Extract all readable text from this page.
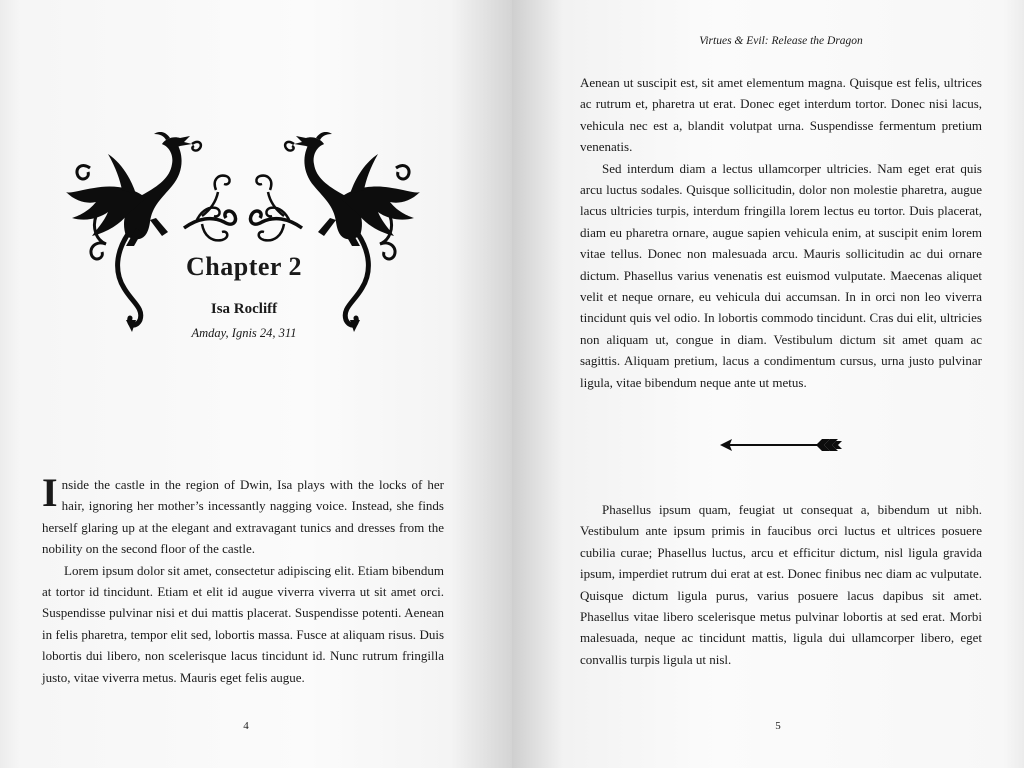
Chapter 2
Isa Rocliff
Amday, Ignis 24, 311

Inside the castle in the region of Dwin, Isa plays with the locks of her hair, ignoring her mother’s incessantly nagging voice. Instead, she finds herself glaring up at the elegant and extravagant tunics and dresses from the nobility on the second floor of the castle.

Lorem ipsum dolor sit amet, consectetur adipiscing elit. Etiam bibendum at tortor id tincidunt. Etiam et elit id augue viverra viverra ut sit amet orci. Suspendisse pulvinar nisi et dui mattis placerat. Suspendisse potenti. Aenean in felis pharetra, tempor elit sed, lobortis massa. Fusce at aliquam risus. Duis lobortis dui libero, non scelerisque lacus tincidunt id. Nunc rutrum fringilla justo, vitae viverra metus. Mauris eget felis augue.

4
Virtues & Evil: Release the Dragon

Aenean ut suscipit est, sit amet elementum magna. Quisque est felis, ultrices ac rutrum et, pharetra ut erat. Donec eget interdum tortor. Donec nisi lacus, vehicula nec est a, blandit volutpat urna. Suspendisse fermentum pretium venenatis.

Sed interdum diam a lectus ullamcorper ultricies. Nam eget erat quis arcu luctus sodales. Quisque sollicitudin, dolor non molestie pharetra, augue lacus ultricies turpis, interdum fringilla lorem lectus eu tortor. Duis placerat, diam eu pharetra ornare, augue sapien vehicula enim, at suscipit enim lorem vitae tellus. Donec non malesuada arcu. Mauris sollicitudin ac dui ornare dictum. Phasellus varius venenatis est euismod vulputate. Maecenas aliquet velit et neque ornare, eu vehicula dui accumsan. In in orci non leo viverra tincidunt quis vel odio. In lobortis commodo tincidunt. Cras dui elit, ultricies non aliquam ut, congue in diam. Vestibulum dictum sit amet quam ac sagittis. Aliquam pretium, lacus a condimentum cursus, urna justo pulvinar ligula, vitae bibendum neque ante ut metus.

Phasellus ipsum quam, feugiat ut consequat a, bibendum ut nibh. Vestibulum ante ipsum primis in faucibus orci luctus et ultrices posuere cubilia curae; Phasellus luctus, arcu et efficitur dictum, nisl ligula gravida ipsum, imperdiet rutrum dui erat at est. Donec finibus nec diam ac vulputate. Quisque dictum ligula purus, varius posuere lacus dapibus sit amet. Phasellus vitae libero scelerisque metus pulvinar lobortis at sed erat. Morbi malesuada, neque ac tincidunt mattis, ligula dui ullamcorper libero, eget convallis turpis ligula ut nisl.

5
